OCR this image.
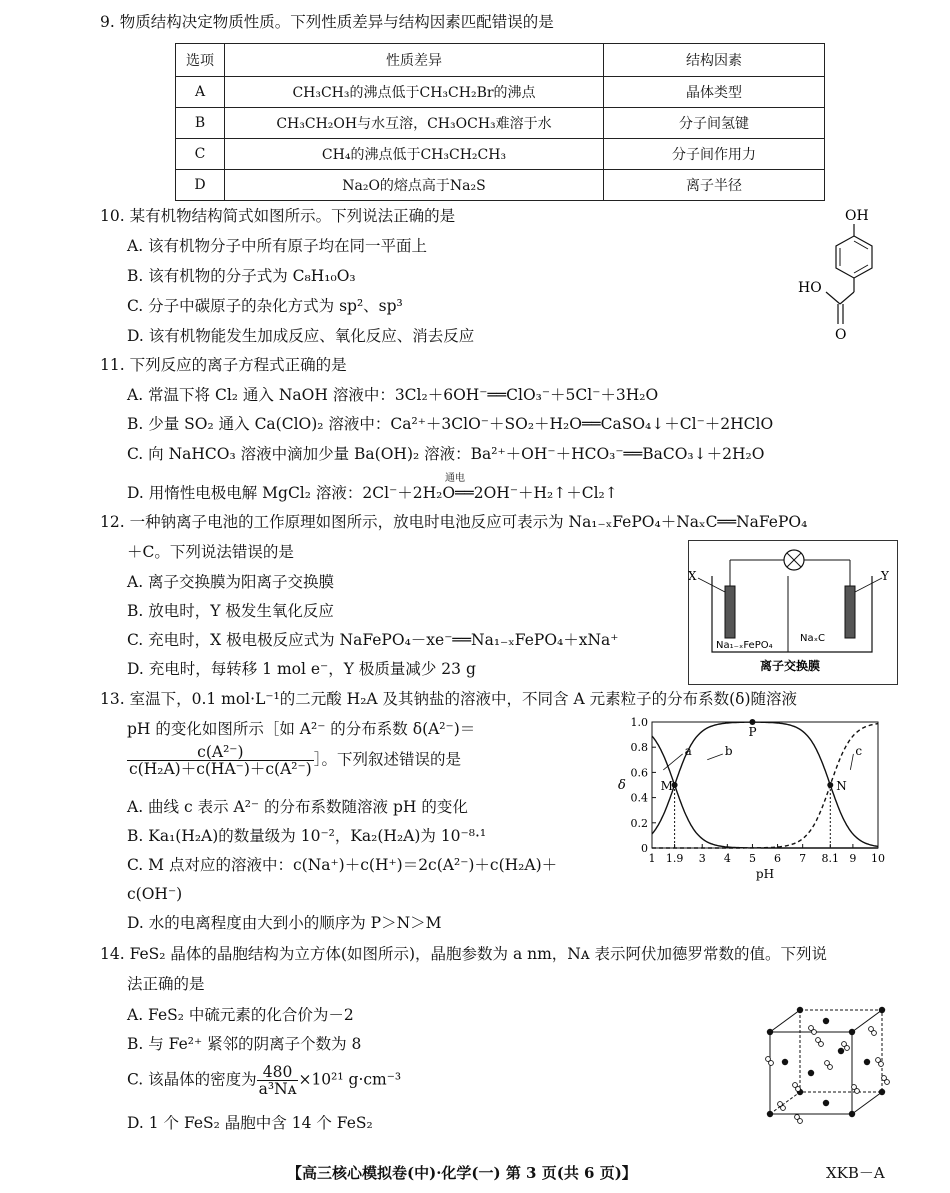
9. 物质结构决定物质性质。下列性质差异与结构因素匹配错误的是
选项	性质差异	结构因素
A	CH₃CH₃的沸点低于CH₃CH₂Br的沸点	晶体类型
B	CH₃CH₂OH与水互溶，CH₃OCH₃难溶于水	分子间氢键
C	CH₄的沸点低于CH₃CH₂CH₃	分子间作用力
D	Na₂O的熔点高于Na₂S	离子半径
10. 某有机物结构简式如图所示。下列说法正确的是
A. 该有机物分子中所有原子均在同一平面上
B. 该有机物的分子式为 C₈H₁₀O₃
C. 分子中碳原子的杂化方式为 sp²、sp³
D. 该有机物能发生加成反应、氧化反应、消去反应
OH
HO
O
11. 下列反应的离子方程式正确的是
A. 常温下将 Cl₂ 通入 NaOH 溶液中：3Cl₂＋6OH⁻══ClO₃⁻＋5Cl⁻＋3H₂O
B. 少量 SO₂ 通入 Ca(ClO)₂ 溶液中：Ca²⁺＋3ClO⁻＋SO₂＋H₂O══CaSO₄↓＋Cl⁻＋2HClO
C. 向 NaHCO₃ 溶液中滴加少量 Ba(OH)₂ 溶液：Ba²⁺＋OH⁻＋HCO₃⁻══BaCO₃↓＋2H₂O
通电
D. 用惰性电极电解 MgCl₂ 溶液：2Cl⁻＋2H₂O══2OH⁻＋H₂↑＋Cl₂↑
12. 一种钠离子电池的工作原理如图所示，放电时电池反应可表示为 Na₁₋ₓFePO₄＋NaₓC══NaFePO₄
＋C。下列说法错误的是
A. 离子交换膜为阳离子交换膜
B. 放电时，Y 极发生氧化反应
C. 充电时，X 极电极反应式为 NaFePO₄－xe⁻══Na₁₋ₓFePO₄＋xNa⁺
D. 充电时，每转移 1 mol e⁻，Y 极质量减少 23 g
X	Y
Na₁₋ₓFePO₄
NaₓC
离子交换膜
13. 室温下，0.1 mol·L⁻¹的二元酸 H₂A 及其钠盐的溶液中，不同含 A 元素粒子的分布系数(δ)随溶液
pH 的变化如图所示［如 A²⁻ 的分布系数 δ(A²⁻)＝
$\frac{\text{c(A²⁻)}}{\text{c(H₂A)＋c(HA⁻)＋c(A²⁻)}}$ ］。下列叙述错误的是
A. 曲线 c 表示 A²⁻ 的分布系数随溶液 pH 的变化
B. Ka₁(H₂A)的数量级为 10⁻²，Ka₂(H₂A)为 10⁻⁸·¹
C. M 点对应的溶液中：c(Na⁺)＋c(H⁺)＝2c(A²⁻)＋c(H₂A)＋
c(OH⁻)
D. 水的电离程度由大到小的顺序为 P＞N＞M
1 1.9 3 4 5 6 7 8.1 9 10
0
0.2
0.4
0.6
0.8
1.0
pH
δ
a	b	c
M
P
N
14. FeS₂ 晶体的晶胞结构为立方体(如图所示)，晶胞参数为 a nm，Nᴀ 表示阿伏加德罗常数的值。下列说
法正确的是
A. FeS₂ 中硫元素的化合价为－2
B. 与 Fe²⁺ 紧邻的阴离子个数为 8
C. 该晶体的密度为 $\frac{480}{\text{a³Nᴀ}} \times 10^{21}$ g·cm⁻³
D. 1 个 FeS₂ 晶胞中含 14 个 FeS₂
【高三核心模拟卷(中)·化学(一) 第 3 页(共 6 页)】	XKB－A
